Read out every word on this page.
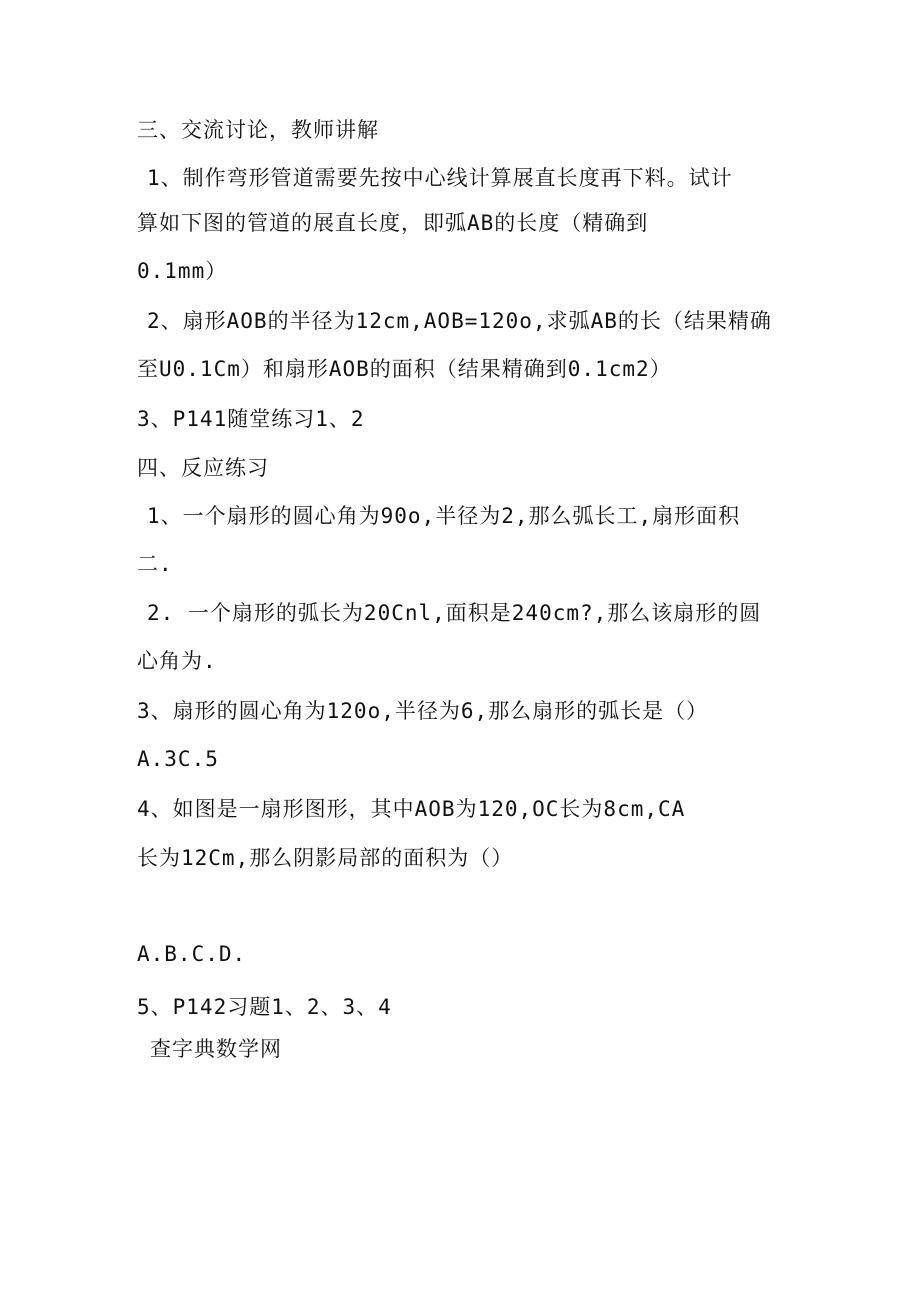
三、交流讨论，教师讲解
1、制作弯形管道需要先按中心线计算展直长度再下料。试计
算如下图的管道的展直长度，即弧AB的长度（精确到
0.1mm）
2、扇形AOB的半径为12cm,AOB=120o,求弧AB的长（结果精确
至U0.1Cm）和扇形AOB的面积（结果精确到0.1cm2）
3、P141随堂练习1、2
四、反应练习
1、一个扇形的圆心角为90o,半径为2,那么弧长工,扇形面积
二.
2. 一个扇形的弧长为20Cnl,面积是240cm?,那么该扇形的圆
心角为.
3、扇形的圆心角为120o,半径为6,那么扇形的弧长是（）
A.3C.5
4、如图是一扇形图形，其中AOB为120,OC长为8cm,CA
长为12Cm,那么阴影局部的面积为（）
A.B.C.D.
5、P142习题1、2、3、4
查字典数学网
